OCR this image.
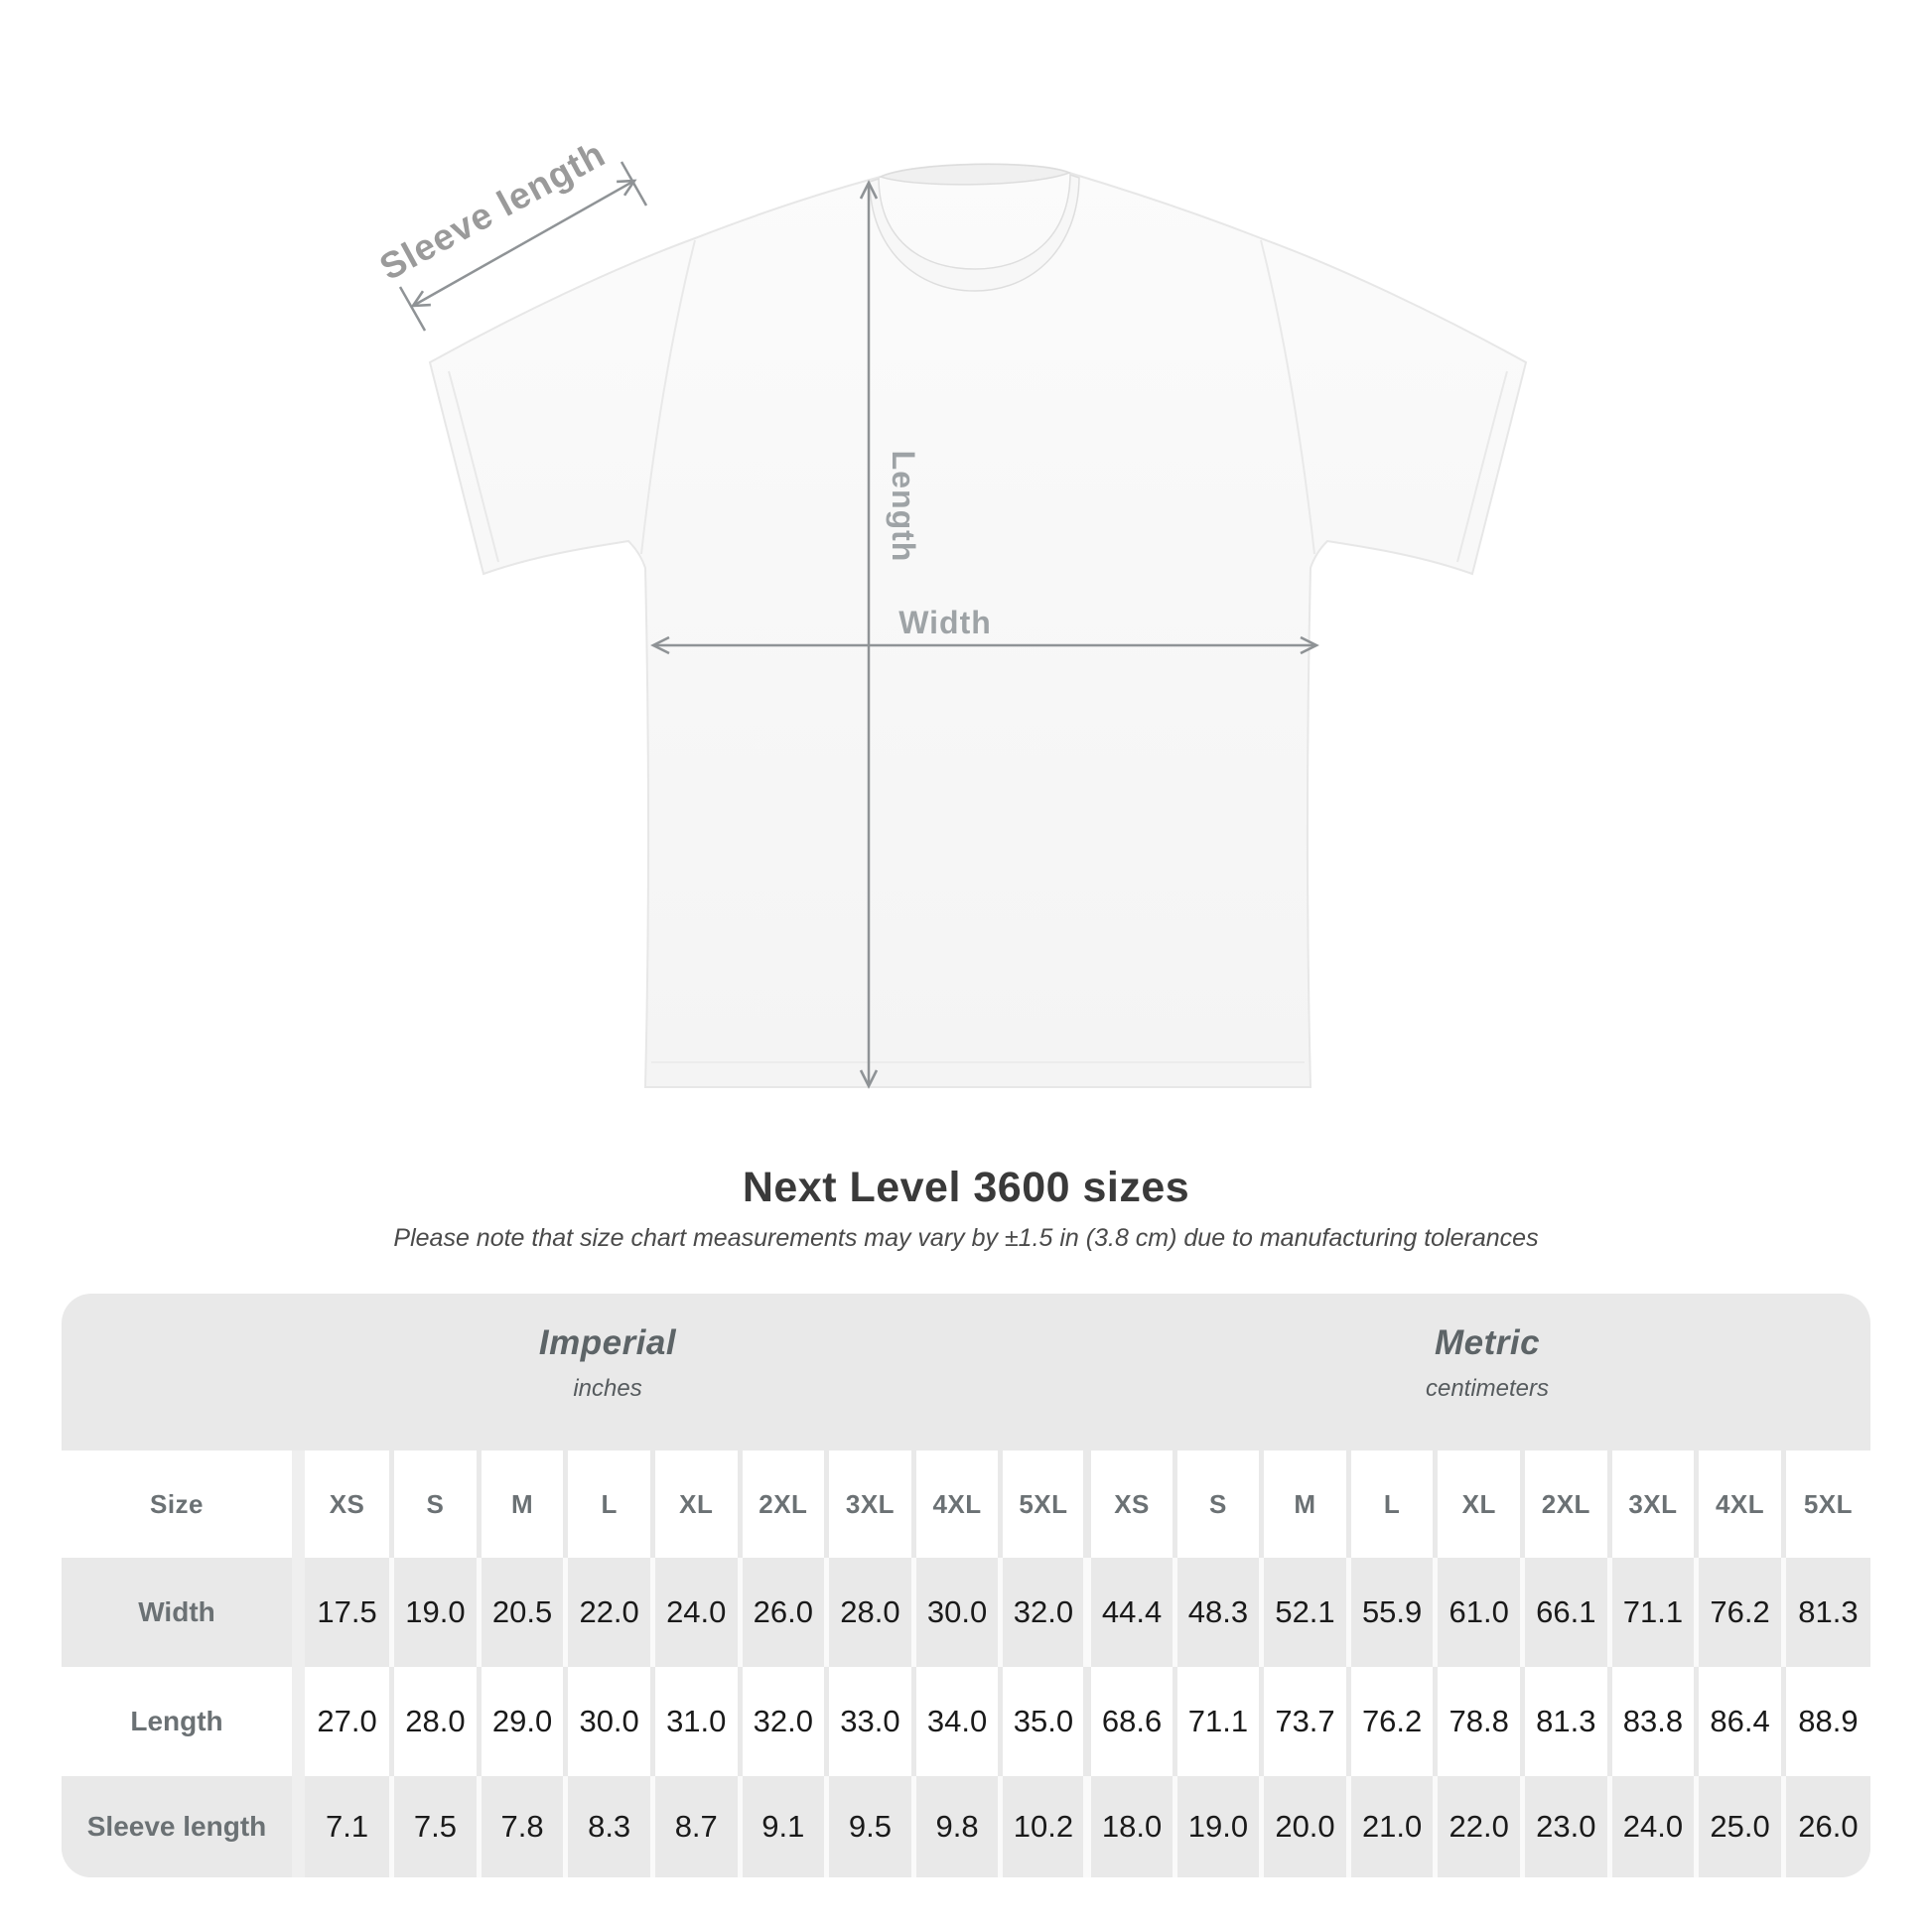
Sleeve length
Length
Width
Next Level 3600 sizes
Please note that size chart measurements may vary by ±1.5 in (3.8 cm) due to manufacturing tolerances
Imperial
inches
Metric
centimeters
Size		XS	S	M	L	XL	2XL	3XL	4XL	5XL	XS	S	M	L	XL	2XL	3XL	4XL	5XL
Width		17.5	19.0	20.5	22.0	24.0	26.0	28.0	30.0	32.0	44.4	48.3	52.1	55.9	61.0	66.1	71.1	76.2	81.3
Length		27.0	28.0	29.0	30.0	31.0	32.0	33.0	34.0	35.0	68.6	71.1	73.7	76.2	78.8	81.3	83.8	86.4	88.9
Sleeve length		7.1	7.5	7.8	8.3	8.7	9.1	9.5	9.8	10.2	18.0	19.0	20.0	21.0	22.0	23.0	24.0	25.0	26.0
